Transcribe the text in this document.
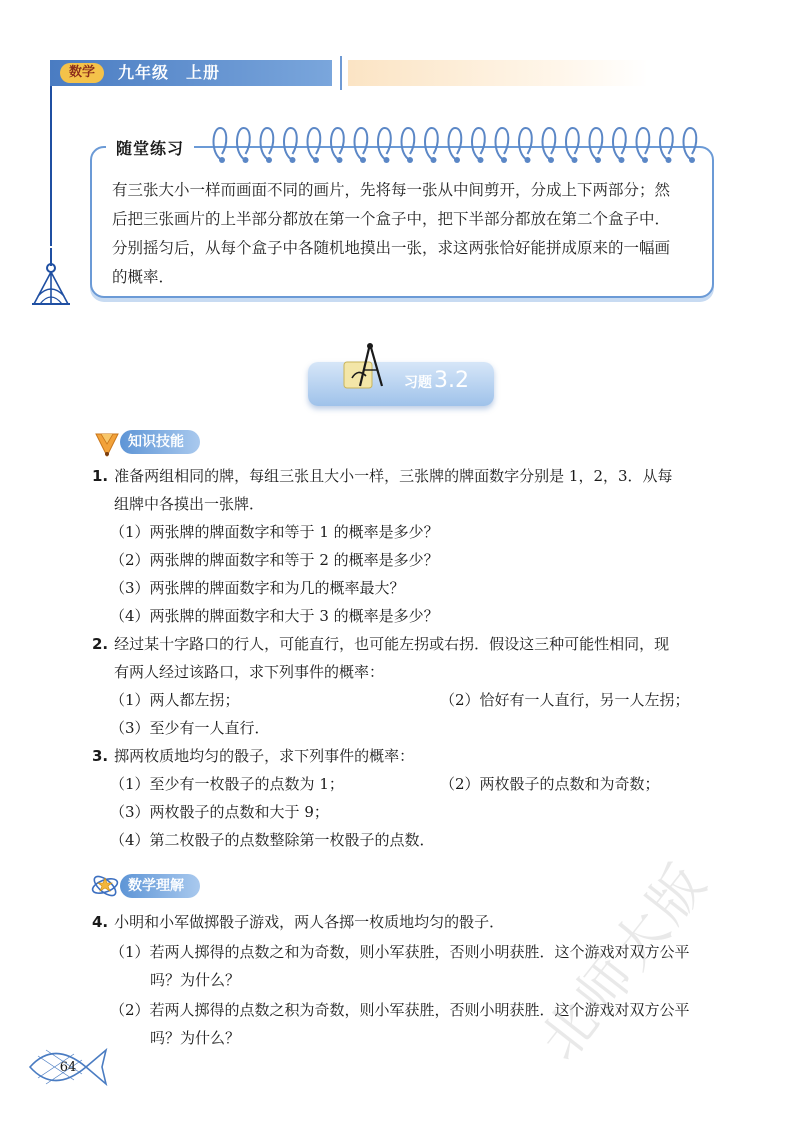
数学	九年级 上册
随堂练习
有三张大小一样而画面不同的画片，先将每一张从中间剪开，分成上下两部分；然
后把三张画片的上半部分都放在第一个盒子中，把下半部分都放在第二个盒子中．
分别摇匀后，从每个盒子中各随机地摸出一张，求这两张恰好能拼成原来的一幅画
的概率．
习题 3.2
知识技能
1. 准备两组相同的牌，每组三张且大小一样，三张牌的牌面数字分别是 1，2，3．从每
组牌中各摸出一张牌．
（1）两张牌的牌面数字和等于 1 的概率是多少？
（2）两张牌的牌面数字和等于 2 的概率是多少？
（3）两张牌的牌面数字和为几的概率最大？
（4）两张牌的牌面数字和大于 3 的概率是多少？
2. 经过某十字路口的行人，可能直行，也可能左拐或右拐．假设这三种可能性相同，现
有两人经过该路口，求下列事件的概率：
（1）两人都左拐；	（2）恰好有一人直行，另一人左拐；
（3）至少有一人直行．
3. 掷两枚质地均匀的骰子，求下列事件的概率：
（1）至少有一枚骰子的点数为 1；	（2）两枚骰子的点数和为奇数；
（3）两枚骰子的点数和大于 9；
（4）第二枚骰子的点数整除第一枚骰子的点数．
数学理解
4. 小明和小军做掷骰子游戏，两人各掷一枚质地均匀的骰子．
（1）若两人掷得的点数之和为奇数，则小军获胜，否则小明获胜．这个游戏对双方公平
吗？为什么？
（2）若两人掷得的点数之积为奇数，则小军获胜，否则小明获胜．这个游戏对双方公平
吗？为什么？
64	北师大版
